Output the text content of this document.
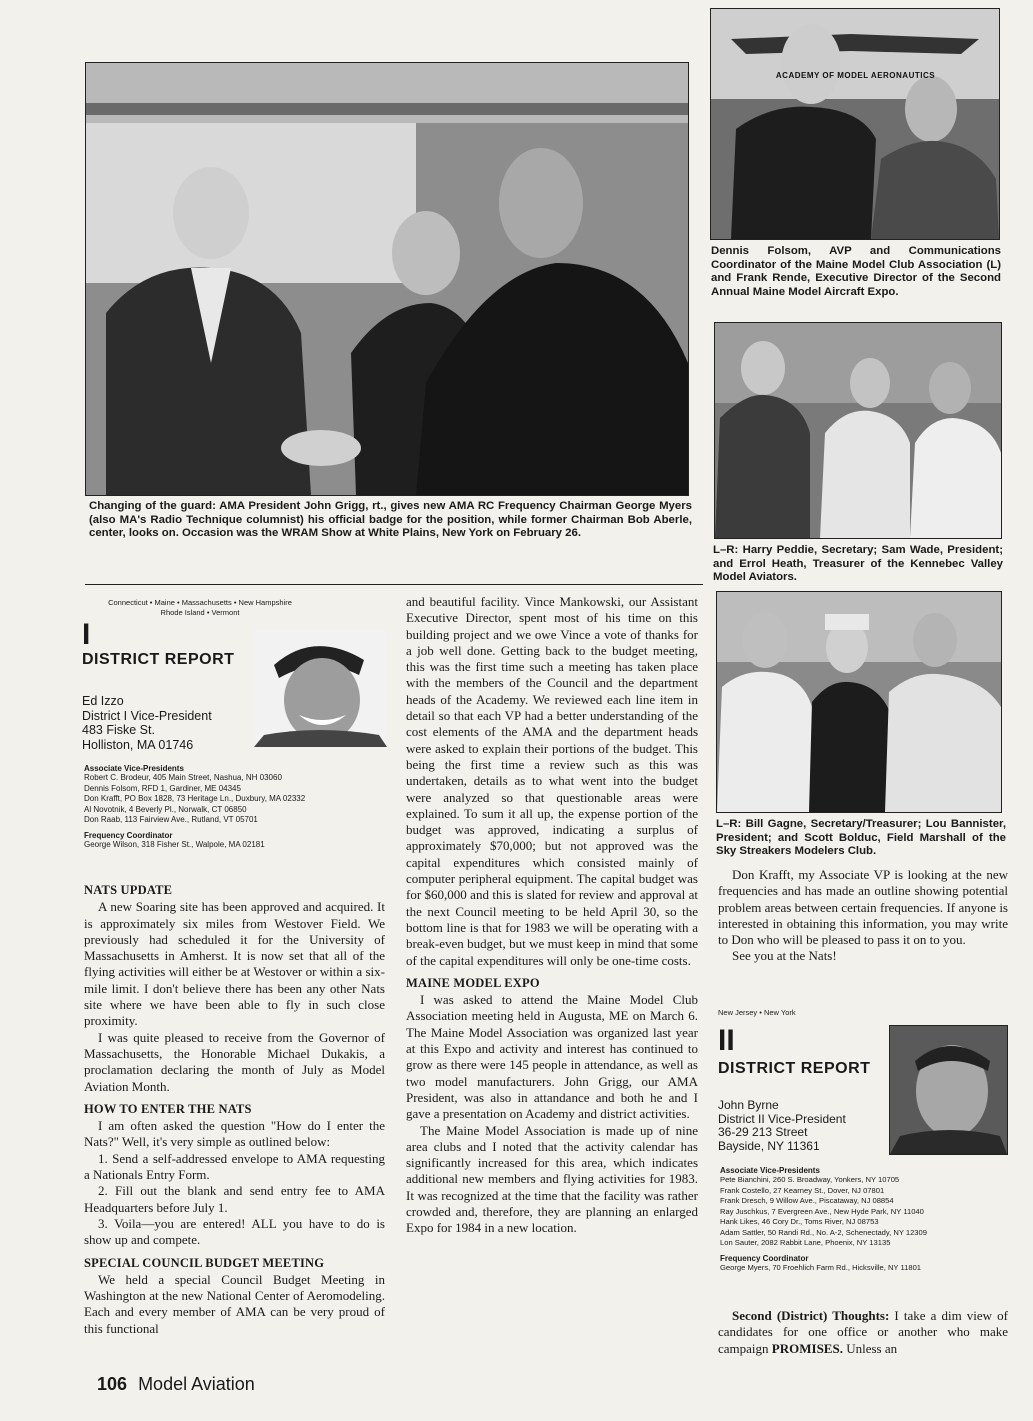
Changing of the guard: AMA President John Grigg, rt., gives new AMA RC Frequency Chairman George Myers (also MA's Radio Technique columnist) his official badge for the position, while former Chairman Bob Aberle, center, looks on. Occasion was the WRAM Show at White Plains, New York on February 26.

ACADEMY OF MODEL AERONAUTICS

Dennis Folsom, AVP and Communications Coordinator of the Maine Model Club Association (L) and Frank Rende, Executive Director of the Second Annual Maine Model Aircraft Expo.

L–R: Harry Peddie, Secretary; Sam Wade, President; and Errol Heath, Treasurer of the Kennebec Valley Model Aviators.

L–R: Bill Gagne, Secretary/Treasurer; Lou Bannister, President; and Scott Bolduc, Field Marshall of the Sky Streakers Modelers Club.

Connecticut • Maine • Massachusetts • New Hampshire
Rhode Island • Vermont
I
DISTRICT REPORT
Ed Izzo
District I Vice-President
483 Fiske St.
Holliston, MA 01746
Associate Vice-Presidents
Robert C. Brodeur, 405 Main Street, Nashua, NH 03060
Dennis Folsom, RFD 1, Gardiner, ME 04345
Don Krafft, PO Box 1828, 73 Heritage Ln., Duxbury, MA 02332
Al Novotnik, 4 Beverly Pl., Norwalk, CT 06850
Don Raab, 113 Fairview Ave., Rutland, VT 05701
Frequency Coordinator
George Wilson, 318 Fisher St., Walpole, MA 02181
NATS UPDATE

A new Soaring site has been approved and acquired. It is approximately six miles from Westover Field. We previously had scheduled it for the University of Massachusetts in Amherst. It is now set that all of the flying activities will either be at Westover or within a six-mile limit. I don't believe there has been any other Nats site where we have been able to fly in such close proximity.

I was quite pleased to receive from the Governor of Massachusetts, the Honorable Michael Dukakis, a proclamation declaring the month of July as Model Aviation Month.

HOW TO ENTER THE NATS

I am often asked the question "How do I enter the Nats?" Well, it's very simple as outlined below:

1. Send a self-addressed envelope to AMA requesting a Nationals Entry Form.

2. Fill out the blank and send entry fee to AMA Headquarters before July 1.

3. Voila—you are entered! ALL you have to do is show up and compete.

SPECIAL COUNCIL BUDGET MEETING

We held a special Council Budget Meeting in Washington at the new National Center of Aeromodeling. Each and every member of AMA can be very proud of this functional

and beautiful facility. Vince Mankowski, our Assistant Executive Director, spent most of his time on this building project and we owe Vince a vote of thanks for a job well done. Getting back to the budget meeting, this was the first time such a meeting has taken place with the members of the Council and the department heads of the Academy. We reviewed each line item in detail so that each VP had a better understanding of the cost elements of the AMA and the department heads were asked to explain their portions of the budget. This being the first time a review such as this was undertaken, details as to what went into the budget were analyzed so that questionable areas were explained. To sum it all up, the expense portion of the budget was approved, indicating a surplus of approximately $70,000; but not approved was the capital expenditures which consisted mainly of computer peripheral equipment. The capital budget was for $60,000 and this is slated for review and approval at the next Council meeting to be held April 30, so the bottom line is that for 1983 we will be operating with a break-even budget, but we must keep in mind that some of the capital expenditures will only be one-time costs.

MAINE MODEL EXPO

I was asked to attend the Maine Model Club Association meeting held in Augusta, ME on March 6. The Maine Model Association was organized last year at this Expo and activity and interest has continued to grow as there were 145 people in attendance, as well as two model manufacturers. John Grigg, our AMA President, was also in attandance and both he and I gave a presentation on Academy and district activities.

The Maine Model Association is made up of nine area clubs and I noted that the activity calendar has significantly increased for this area, which indicates additional new members and flying activities for 1983. It was recognized at the time that the facility was rather crowded and, therefore, they are planning an enlarged Expo for 1984 in a new location.

Don Krafft, my Associate VP is looking at the new frequencies and has made an outline showing potential problem areas between certain frequencies. If anyone is interested in obtaining this information, you may write to Don who will be pleased to pass it on to you.

See you at the Nats!

New Jersey • New York
II
DISTRICT REPORT
John Byrne
District II Vice-President
36-29 213 Street
Bayside, NY 11361
Associate Vice-Presidents
Pete Bianchini, 260 S. Broadway, Yonkers, NY 10705
Frank Costello, 27 Kearney St., Dover, NJ 07801
Frank Dresch, 9 Willow Ave., Piscataway, NJ 08854
Ray Juschkus, 7 Evergreen Ave., New Hyde Park, NY 11040
Hank Likes, 46 Cory Dr., Toms River, NJ 08753
Adam Sattler, 50 Randi Rd., No. A-2, Schenectady, NY 12309
Lon Sauter, 2082 Rabbit Lane, Phoenix, NY 13135
Frequency Coordinator
George Myers, 70 Froehlich Farm Rd., Hicksville, NY 11801

Second (District) Thoughts: I take a dim view of candidates for one office or another who make campaign PROMISES. Unless an

106 Model Aviation
